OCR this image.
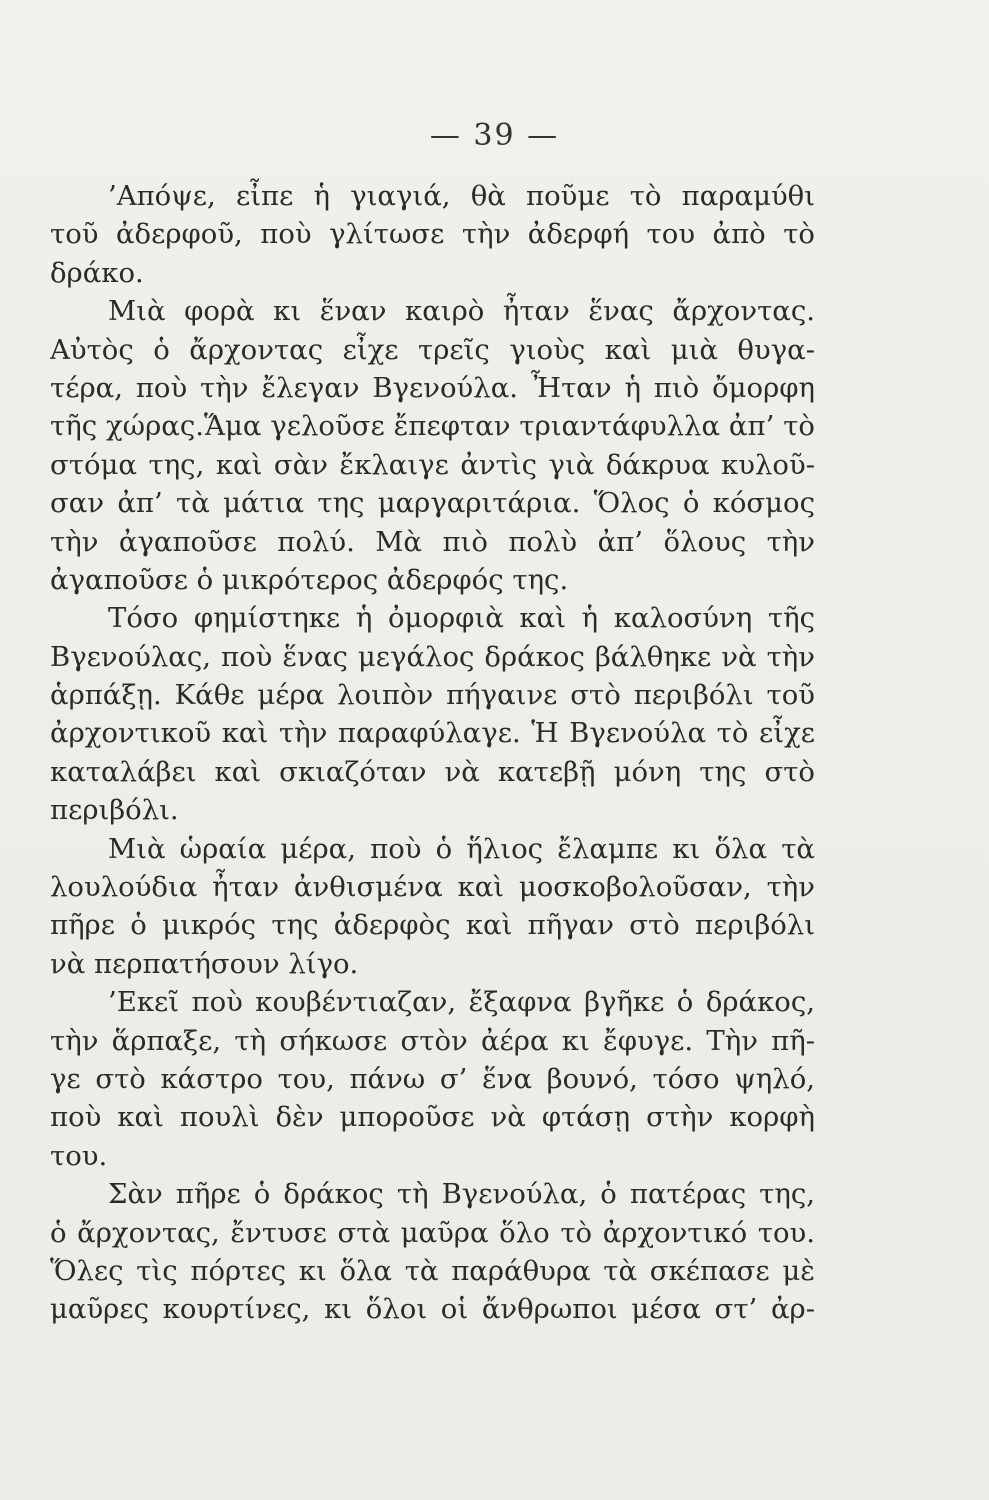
— 39 —
’Απόψε, εἶπε ἡ γιαγιά, θὰ ποῦμε τὸ παραμύθι
τοῦ ἀδερφοῦ, ποὺ γλίτωσε τὴν ἀδερφή του ἀπὸ τὸ
δράκο.
Μιὰ φορὰ κι ἕναν καιρὸ ἦταν ἕνας ἄρχοντας.
Αὐτὸς ὁ ἄρχοντας εἶχε τρεῖς γιοὺς καὶ μιὰ θυγα-
τέρα, ποὺ τὴν ἔλεγαν Βγενούλα. Ἦταν ἡ πιὸ ὄμορφη
τῆς χώρας.Ἅμα γελοῦσε ἔπεφταν τριαντάφυλλα ἀπ’ τὸ
στόμα της, καὶ σὰν ἔκλαιγε ἀντὶς γιὰ δάκρυα κυλοῦ-
σαν ἀπ’ τὰ μάτια της μαργαριτάρια. Ὅλος ὁ κόσμος
τὴν ἀγαποῦσε πολύ. Μὰ πιὸ πολὺ ἀπ’ ὅλους τὴν
ἀγαποῦσε ὁ μικρότερος ἀδερφός της.
Τόσο φημίστηκε ἡ ὀμορφιὰ καὶ ἡ καλοσύνη τῆς
Βγενούλας, ποὺ ἕνας μεγάλος δράκος βάλθηκε νὰ τὴν
ἁρπάξῃ. Κάθε μέρα λοιπὸν πήγαινε στὸ περιβόλι τοῦ
ἀρχοντικοῦ καὶ τὴν παραφύλαγε. Ἡ Βγενούλα τὸ εἶχε
καταλάβει καὶ σκιαζόταν νὰ κατεβῇ μόνη της στὸ
περιβόλι.
Μιὰ ὡραία μέρα, ποὺ ὁ ἥλιος ἔλαμπε κι ὅλα τὰ
λουλούδια ἦταν ἀνθισμένα καὶ μοσκοβολοῦσαν, τὴν
πῆρε ὁ μικρός της ἀδερφὸς καὶ πῆγαν στὸ περιβόλι
νὰ περπατήσουν λίγο.
’Εκεῖ ποὺ κουβέντιαζαν, ἔξαφνα βγῆκε ὁ δράκος,
τὴν ἅρπαξε, τὴ σήκωσε στὸν ἀέρα κι ἔφυγε. Τὴν πῆ-
γε στὸ κάστρο του, πάνω σ’ ἕνα βουνό, τόσο ψηλό,
ποὺ καὶ πουλὶ δὲν μποροῦσε νὰ φτάσῃ στὴν κορφὴ
του.
Σὰν πῆρε ὁ δράκος τὴ Βγενούλα, ὁ πατέρας της,
ὁ ἄρχοντας, ἔντυσε στὰ μαῦρα ὅλο τὸ ἀρχοντικό του.
Ὅλες τὶς πόρτες κι ὅλα τὰ παράθυρα τὰ σκέπασε μὲ
μαῦρες κουρτίνες, κι ὅλοι οἱ ἄνθρωποι μέσα στ’ ἀρ-
